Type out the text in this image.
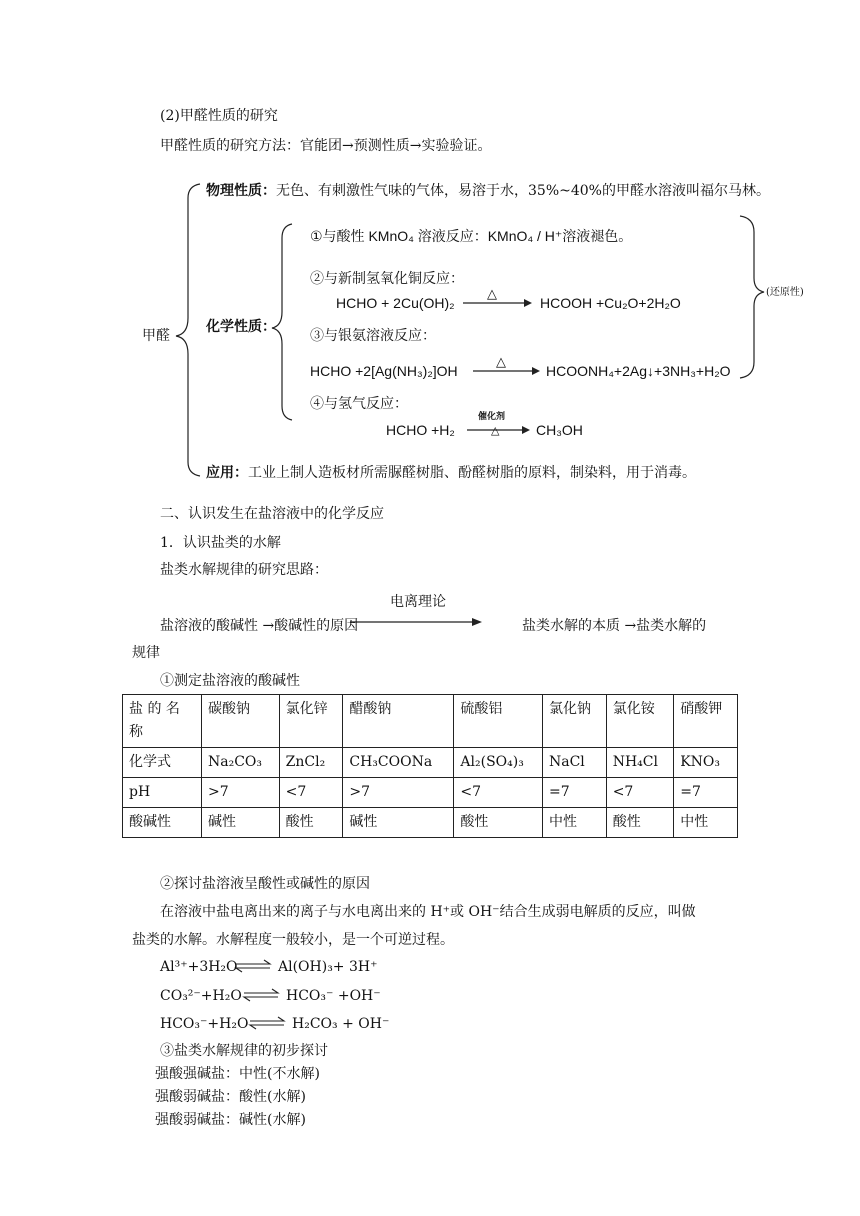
(2)甲醛性质的研究
甲醛性质的研究方法：官能团→预测性质→实验验证。
甲醛
物理性质：无色、有刺激性气味的气体，易溶于水，35%~40%的甲醛水溶液叫福尔马林。
化学性质：
①与酸性 KMnO₄ 溶液反应：KMnO₄ / H⁺溶液褪色。
②与新制氢氧化铜反应：
HCHO + 2Cu(OH)₂
△
HCOOH +Cu₂O+2H₂O
③与银氨溶液反应：
HCHO +2[Ag(NH₃)₂]OH
△
HCOONH₄+2Ag↓+3NH₃+H₂O
④与氢气反应：
HCHO +H₂
催化剂
△	CH₃OH
(还原性)
应用：工业上制人造板材所需脲醛树脂、酚醛树脂的原料，制染料，用于消毒。
二、认识发生在盐溶液中的化学反应
1．认识盐类的水解
盐类水解规律的研究思路：
电离理论
盐溶液的酸碱性 →酸碱性的原因	盐类水解的本质 →盐类水解的
规律
①测定盐溶液的酸碱性
盐 的 名 称	碳酸钠	氯化锌	醋酸钠	硫酸铝	氯化钠	氯化铵	硝酸钾
化学式	Na₂CO₃	ZnCl₂	CH₃COONa	Al₂(SO₄)₃	NaCl	NH₄Cl	KNO₃
pH	>7	<7	>7	<7	=7	<7	=7
酸碱性	碱性	酸性	碱性	酸性	中性	酸性	中性
②探讨盐溶液呈酸性或碱性的原因
在溶液中盐电离出来的离子与水电离出来的 H⁺或 OH⁻结合生成弱电解质的反应，叫做
盐类的水解。水解程度一般较小，是一个可逆过程。
Al³⁺+3H₂O	Al(OH)₃+ 3H⁺
CO₃²⁻+H₂O	HCO₃⁻ +OH⁻
HCO₃⁻+H₂O	H₂CO₃ + OH⁻
③盐类水解规律的初步探讨
强酸强碱盐：中性(不水解)
强酸弱碱盐：酸性(水解)
强酸弱碱盐：碱性(水解)
